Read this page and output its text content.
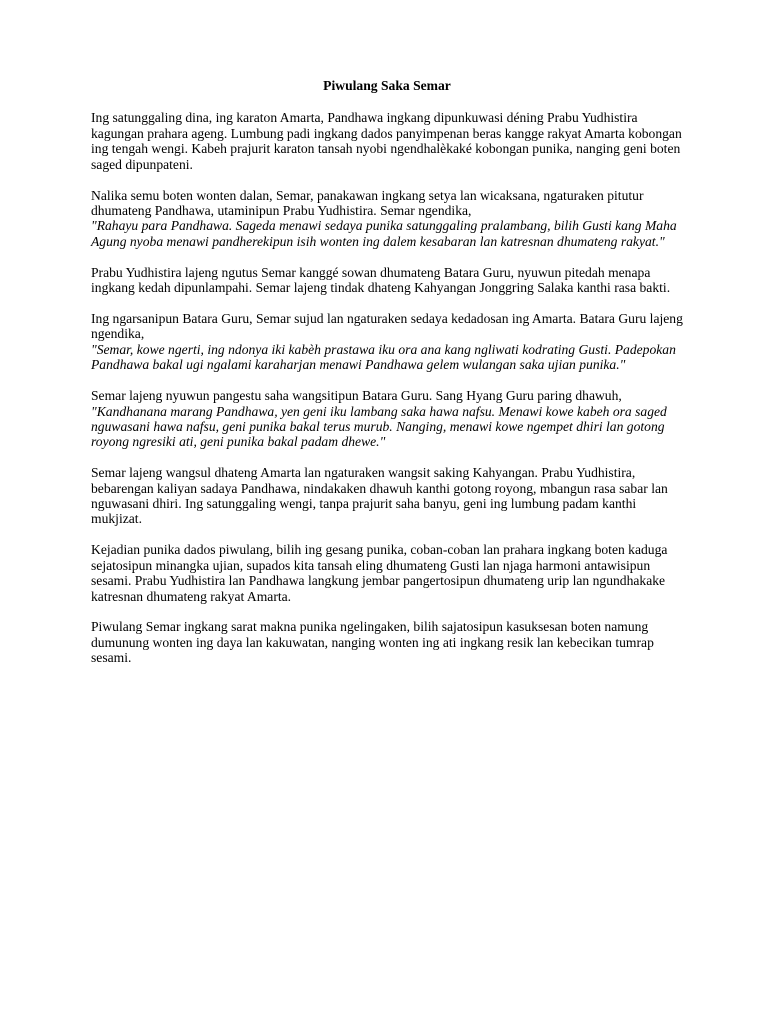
Piwulang Saka Semar

Ing satunggaling dina, ing karaton Amarta, Pandhawa ingkang dipunkuwasi déning Prabu Yudhistira kagungan prahara ageng. Lumbung padi ingkang dados panyimpenan beras kangge rakyat Amarta kobongan ing tengah wengi. Kabeh prajurit karaton tansah nyobi ngendhalèkaké kobongan punika, nanging geni boten saged dipunpateni.

Nalika semu boten wonten dalan, Semar, panakawan ingkang setya lan wicaksana, ngaturaken pitutur dhumateng Pandhawa, utaminipun Prabu Yudhistira. Semar ngendika,

"Rahayu para Pandhawa. Sageda menawi sedaya punika satunggaling pralambang, bilih Gusti kang Maha Agung nyoba menawi pandherekipun isih wonten ing dalem kesabaran lan katresnan dhumateng rakyat."

Prabu Yudhistira lajeng ngutus Semar kanggé sowan dhumateng Batara Guru, nyuwun pitedah menapa ingkang kedah dipunlampahi. Semar lajeng tindak dhateng Kahyangan Jonggring Salaka kanthi rasa bakti.

Ing ngarsanipun Batara Guru, Semar sujud lan ngaturaken sedaya kedadosan ing Amarta. Batara Guru lajeng ngendika,

"Semar, kowe ngerti, ing ndonya iki kabèh prastawa iku ora ana kang ngliwati kodrating Gusti. Padepokan Pandhawa bakal ugi ngalami karaharjan menawi Pandhawa gelem wulangan saka ujian punika."

Semar lajeng nyuwun pangestu saha wangsitipun Batara Guru. Sang Hyang Guru paring dhawuh,

"Kandhanana marang Pandhawa, yen geni iku lambang saka hawa nafsu. Menawi kowe kabeh ora saged nguwasani hawa nafsu, geni punika bakal terus murub. Nanging, menawi kowe ngempet dhiri lan gotong royong ngresiki ati, geni punika bakal padam dhewe."

Semar lajeng wangsul dhateng Amarta lan ngaturaken wangsit saking Kahyangan. Prabu Yudhistira, bebarengan kaliyan sadaya Pandhawa, nindakaken dhawuh kanthi gotong royong, mbangun rasa sabar lan nguwasani dhiri. Ing satunggaling wengi, tanpa prajurit saha banyu, geni ing lumbung padam kanthi mukjizat.

Kejadian punika dados piwulang, bilih ing gesang punika, coban-coban lan prahara ingkang boten kaduga sejatosipun minangka ujian, supados kita tansah eling dhumateng Gusti lan njaga harmoni antawisipun sesami. Prabu Yudhistira lan Pandhawa langkung jembar pangertosipun dhumateng urip lan ngundhakake katresnan dhumateng rakyat Amarta.

Piwulang Semar ingkang sarat makna punika ngelingaken, bilih sajatosipun kasuksesan boten namung dumunung wonten ing daya lan kakuwatan, nanging wonten ing ati ingkang resik lan kebecikan tumrap sesami.
